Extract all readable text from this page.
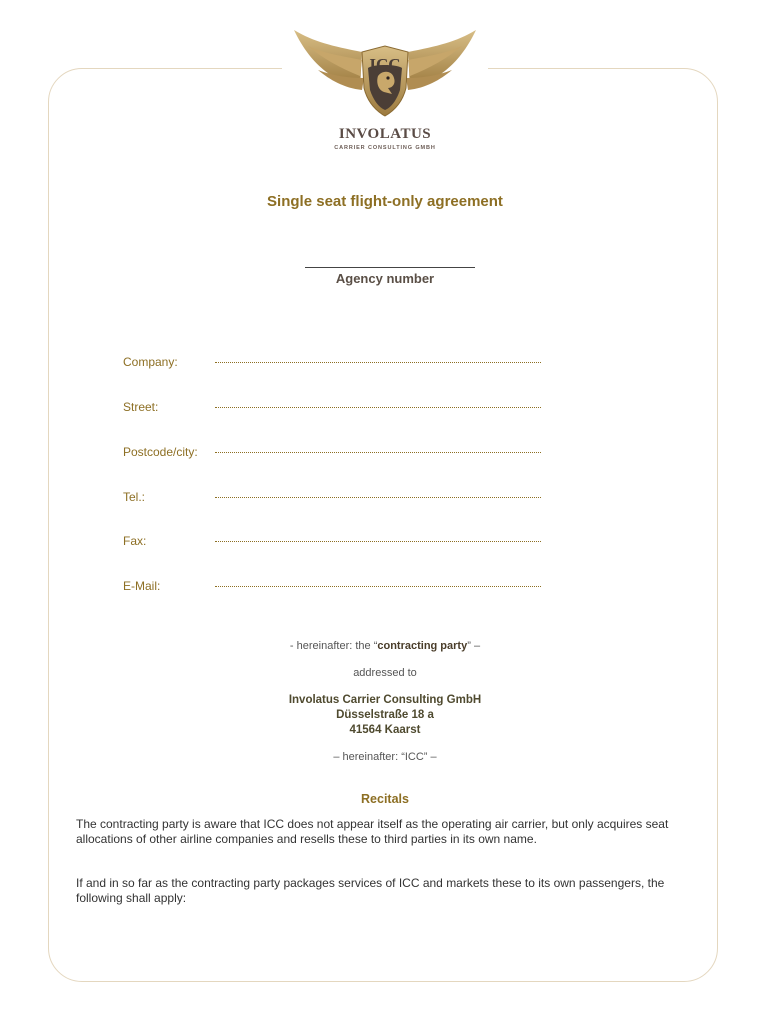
ICC
INVOLATUS
CARRIER CONSULTING GMBH
Single seat flight-only agreement
Agency number
Company:
Street:
Postcode/city:
Tel.:
Fax:
E-Mail:
- hereinafter: the “contracting party” –
addressed to
Involatus Carrier Consulting GmbH
Düsselstraße 18 a
41564 Kaarst
– hereinafter: “ICC” –
Recitals
The contracting party is aware that ICC does not appear itself as the operating air carrier, but only acquires seat allocations of other airline companies and resells these to third parties in its own name.
If and in so far as the contracting party packages services of ICC and markets these to its own passengers, the following shall apply:
